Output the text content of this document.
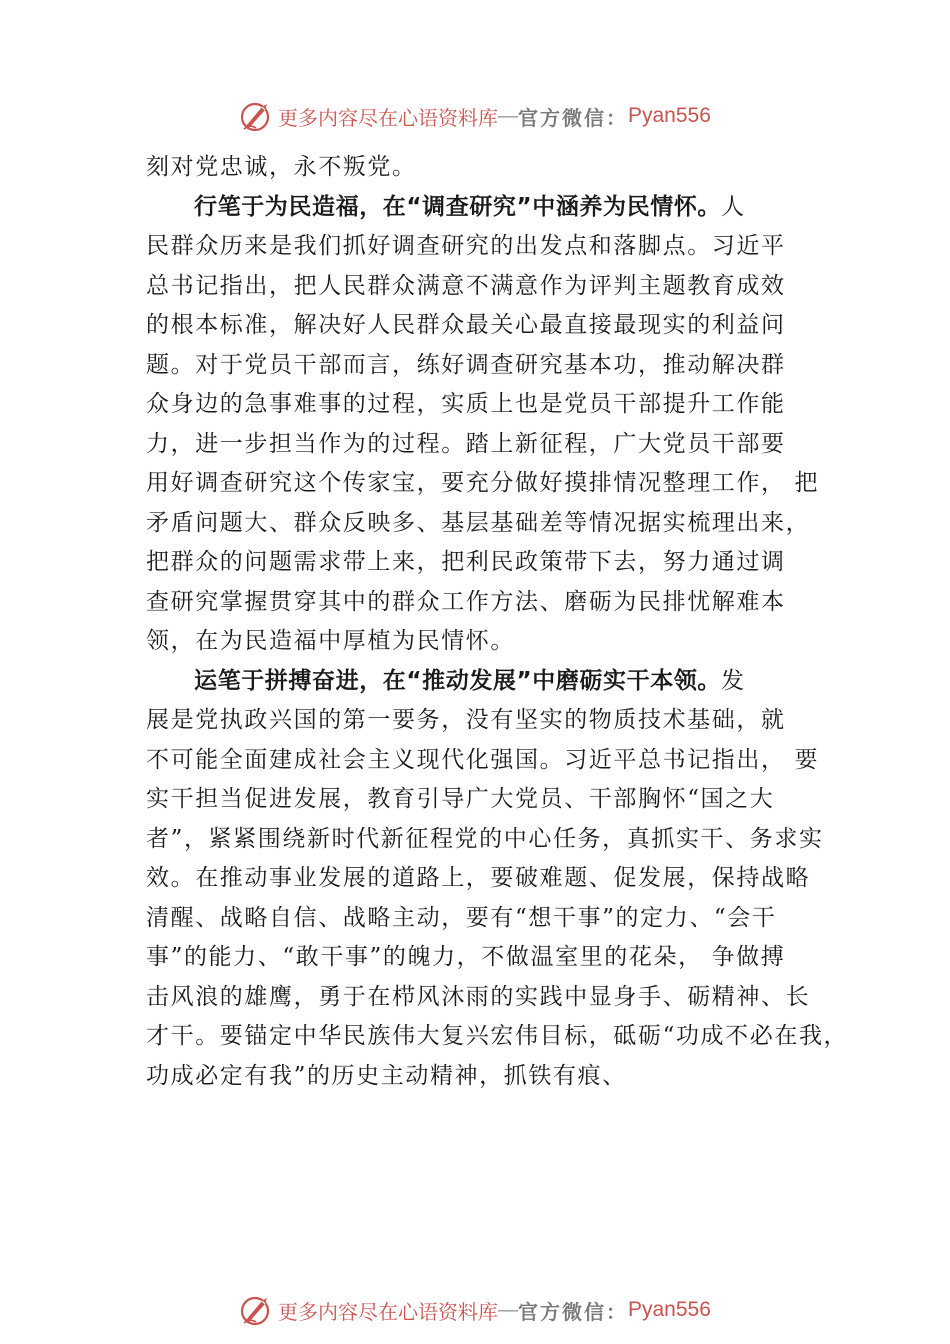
更多内容尽在心语资料库 — 官方微信： Pyan556
刻对党忠诚，永不叛党。
行笔于为民造福，在“调查研究”中涵养为民情怀。人
民群众历来是我们抓好调查研究的出发点和落脚点。习近平
总书记指出，把人民群众满意不满意作为评判主题教育成效
的根本标准，解决好人民群众最关心最直接最现实的利益问
题。对于党员干部而言，练好调查研究基本功，推动解决群
众身边的急事难事的过程，实质上也是党员干部提升工作能
力，进一步担当作为的过程。踏上新征程，广大党员干部要
用好调查研究这个传家宝，要充分做好摸排情况整理工作， 把
矛盾问题大、群众反映多、基层基础差等情况据实梳理出来，
把群众的问题需求带上来，把利民政策带下去，努力通过调
查研究掌握贯穿其中的群众工作方法、磨砺为民排忧解难本
领，在为民造福中厚植为民情怀。
运笔于拼搏奋进，在“推动发展”中磨砺实干本领。发
展是党执政兴国的第一要务，没有坚实的物质技术基础，就
不可能全面建成社会主义现代化强国。习近平总书记指出， 要
实干担当促进发展，教育引导广大党员、干部胸怀“国之大
者”，紧紧围绕新时代新征程党的中心任务，真抓实干、务求实
效。在推动事业发展的道路上，要破难题、促发展，保持战略
清醒、战略自信、战略主动，要有“想干事”的定力、“会干
事”的能力、“敢干事”的魄力，不做温室里的花朵， 争做搏
击风浪的雄鹰，勇于在栉风沐雨的实践中显身手、砺精神、长
才干。要锚定中华民族伟大复兴宏伟目标，砥砺“功成不必在我，
功成必定有我”的历史主动精神，抓铁有痕、
更多内容尽在心语资料库 — 官方微信： Pyan556
